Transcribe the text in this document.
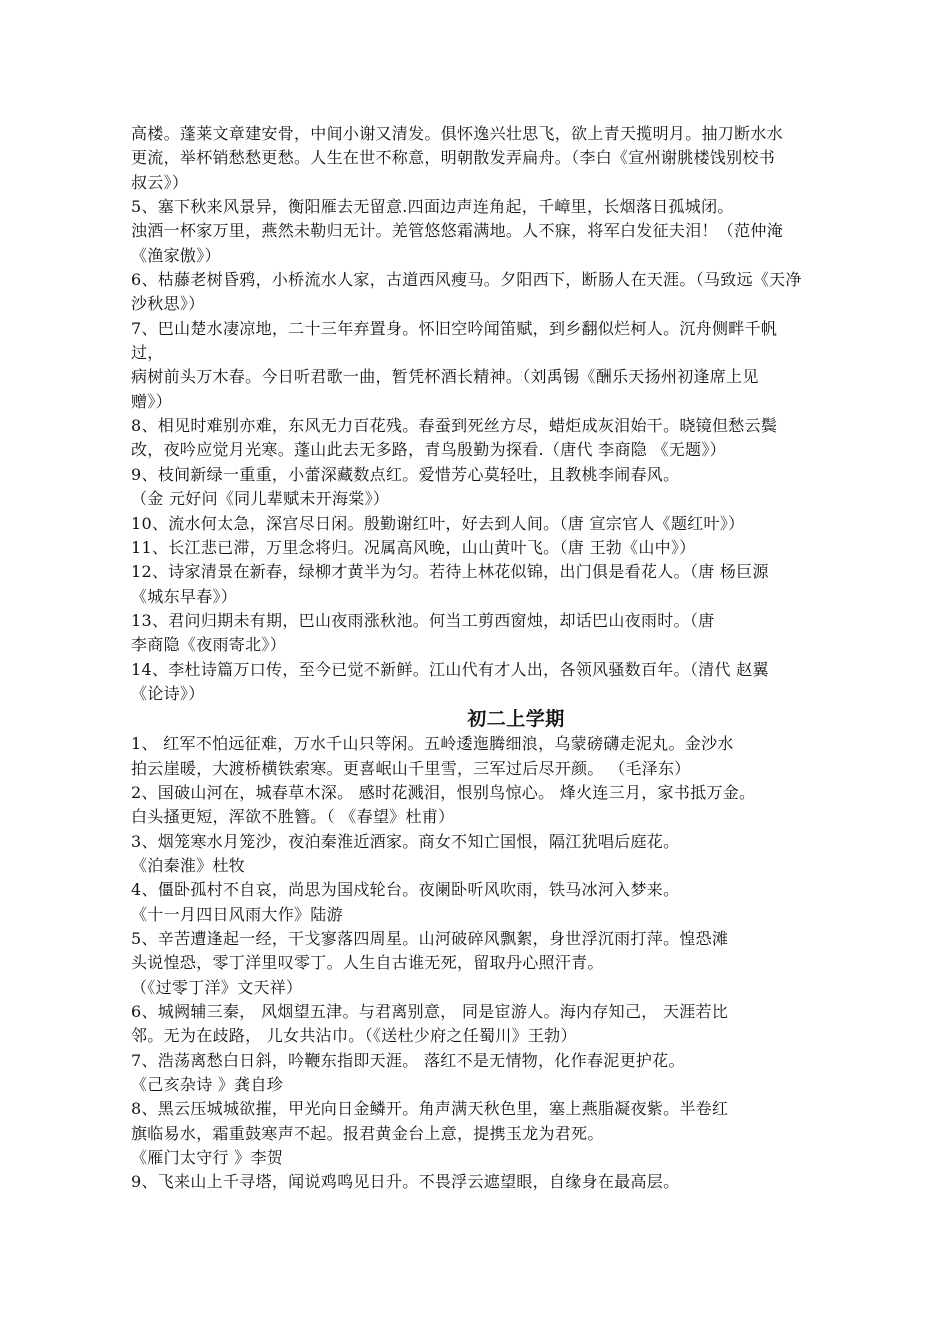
高楼。蓬莱文章建安骨，中间小谢又清发。俱怀逸兴壮思飞，欲上青天揽明月。抽刀断水水
更流，举杯销愁愁更愁。人生在世不称意，明朝散发弄扁舟。（李白《宣州谢朓楼饯别校书
叔云》）
5、塞下秋来风景异，衡阳雁去无留意.四面边声连角起，千嶂里，长烟落日孤城闭。
浊酒一杯家万里，燕然未勒归无计。羌管悠悠霜满地。人不寐，将军白发征夫泪！（范仲淹
《渔家傲》）
6、枯藤老树昏鸦，小桥流水人家，古道西风瘦马。夕阳西下，断肠人在天涯。（马致远《天净
沙秋思》）
7、巴山楚水凄凉地，二十三年弃置身。怀旧空吟闻笛赋，到乡翻似烂柯人。沉舟侧畔千帆
过，
病树前头万木春。今日听君歌一曲，暂凭杯酒长精神。（刘禹锡《酬乐天扬州初逢席上见
赠》）
8、相见时难别亦难，东风无力百花残。春蚕到死丝方尽，蜡炬成灰泪始干。晓镜但愁云鬓
改，夜吟应觉月光寒。蓬山此去无多路，青鸟殷勤为探看.（唐代 李商隐 《无题》）
9、枝间新绿一重重，小蕾深藏数点红。爱惜芳心莫轻吐，且教桃李闹春风。
（金 元好问《同儿辈赋未开海棠》）
10、流水何太急，深宫尽日闲。殷勤谢红叶，好去到人间。（唐 宣宗官人《题红叶》）
11、长江悲已滞，万里念将归。况属高风晚，山山黄叶飞。（唐 王勃《山中》）
12、诗家清景在新春，绿柳才黄半为匀。若待上林花似锦，出门俱是看花人。（唐 杨巨源
《城东早春》）
13、君问归期未有期，巴山夜雨涨秋池。何当工剪西窗烛，却话巴山夜雨时。（唐
李商隐《夜雨寄北》）
14、李杜诗篇万口传，至今已觉不新鲜。江山代有才人出，各领风骚数百年。（清代 赵翼
《论诗》）
初二上学期
1、 红军不怕远征难，万水千山只等闲。五岭逶迤腾细浪，乌蒙磅礴走泥丸。金沙水
拍云崖暖，大渡桥横铁索寒。更喜岷山千里雪，三军过后尽开颜。 （毛泽东）
2、国破山河在，城春草木深。 感时花溅泪，恨别鸟惊心。 烽火连三月，家书抵万金。
白头搔更短，浑欲不胜簪。（ 《春望》杜甫）
3、烟笼寒水月笼沙，夜泊秦淮近酒家。商女不知亡国恨，隔江犹唱后庭花。
《泊秦淮》杜牧
4、僵卧孤村不自哀，尚思为国戍轮台。夜阑卧听风吹雨，铁马冰河入梦来。
《十一月四日风雨大作》陆游
5、辛苦遭逢起一经，干戈寥落四周星。山河破碎风飘絮，身世浮沉雨打萍。惶恐滩
头说惶恐，零丁洋里叹零丁。人生自古谁无死，留取丹心照汗青。
（《过零丁洋》文天祥）
6、城阙辅三秦， 风烟望五津。与君离别意， 同是宦游人。海内存知己， 天涯若比
邻。无为在歧路， 儿女共沾巾。（《送杜少府之任蜀川》王勃）
7、浩荡离愁白日斜，吟鞭东指即天涯。 落红不是无情物，化作春泥更护花。
《己亥杂诗 》龚自珍
8、黑云压城城欲摧，甲光向日金鳞开。角声满天秋色里，塞上燕脂凝夜紫。半卷红
旗临易水，霜重鼓寒声不起。报君黄金台上意，提携玉龙为君死。
《雁门太守行 》李贺
9、飞来山上千寻塔，闻说鸡鸣见日升。不畏浮云遮望眼，自缘身在最高层。
